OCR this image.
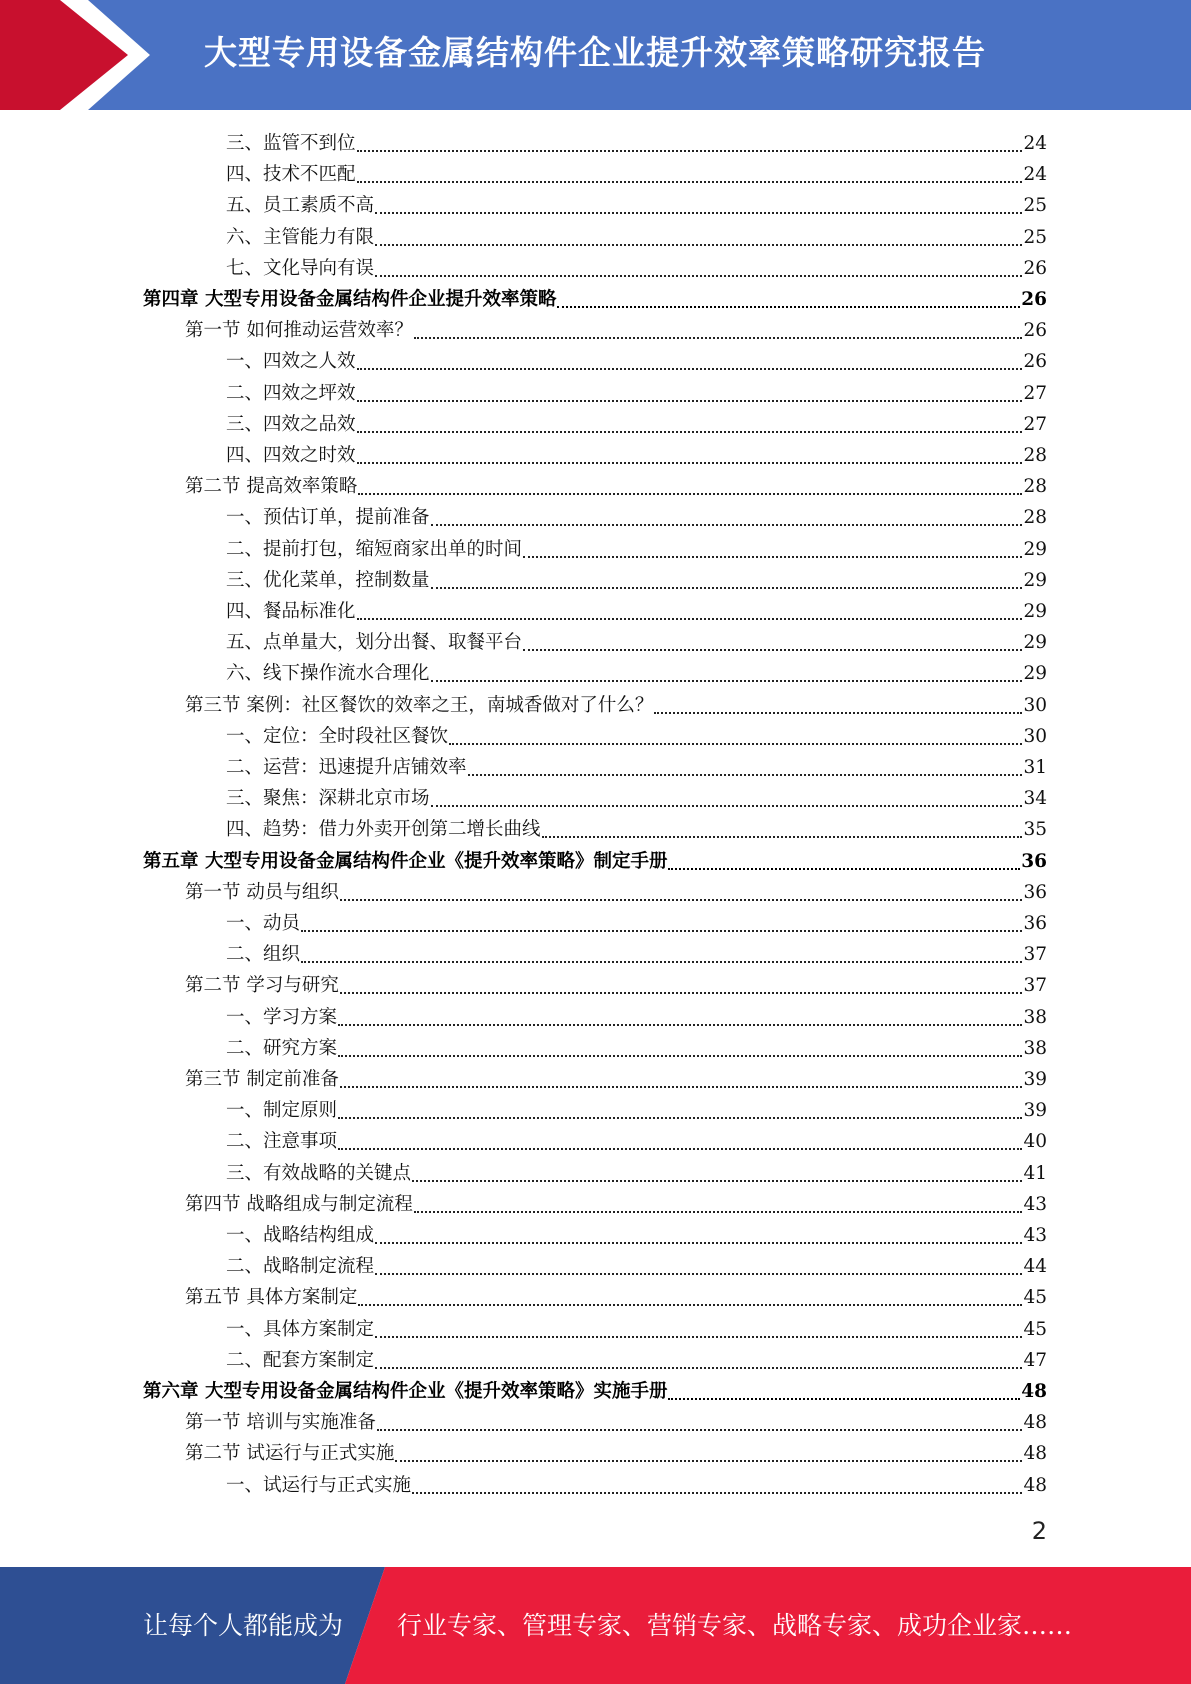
大型专用设备金属结构件企业提升效率策略研究报告
三、监管不到位	24
四、技术不匹配	24
五、员工素质不高	25
六、主管能力有限	25
七、文化导向有误	26
第四章 大型专用设备金属结构件企业提升效率策略	26
第一节 如何推动运营效率？	26
一、四效之人效	26
二、四效之坪效	27
三、四效之品效	27
四、四效之时效	28
第二节 提高效率策略	28
一、预估订单，提前准备	28
二、提前打包，缩短商家出单的时间	29
三、优化菜单，控制数量	29
四、餐品标准化	29
五、点单量大，划分出餐、取餐平台	29
六、线下操作流水合理化	29
第三节 案例：社区餐饮的效率之王，南城香做对了什么？	30
一、定位：全时段社区餐饮	30
二、运营：迅速提升店铺效率	31
三、聚焦：深耕北京市场	34
四、趋势：借力外卖开创第二增长曲线	35
第五章 大型专用设备金属结构件企业《提升效率策略》制定手册	36
第一节 动员与组织	36
一、动员	36
二、组织	37
第二节 学习与研究	37
一、学习方案	38
二、研究方案	38
第三节 制定前准备	39
一、制定原则	39
二、注意事项	40
三、有效战略的关键点	41
第四节 战略组成与制定流程	43
一、战略结构组成	43
二、战略制定流程	44
第五节 具体方案制定	45
一、具体方案制定	45
二、配套方案制定	47
第六章 大型专用设备金属结构件企业《提升效率策略》实施手册	48
第一节 培训与实施准备	48
第二节 试运行与正式实施	48
一、试运行与正式实施	48
2
让每个人都能成为 行业专家、管理专家、营销专家、战略专家、成功企业家……
